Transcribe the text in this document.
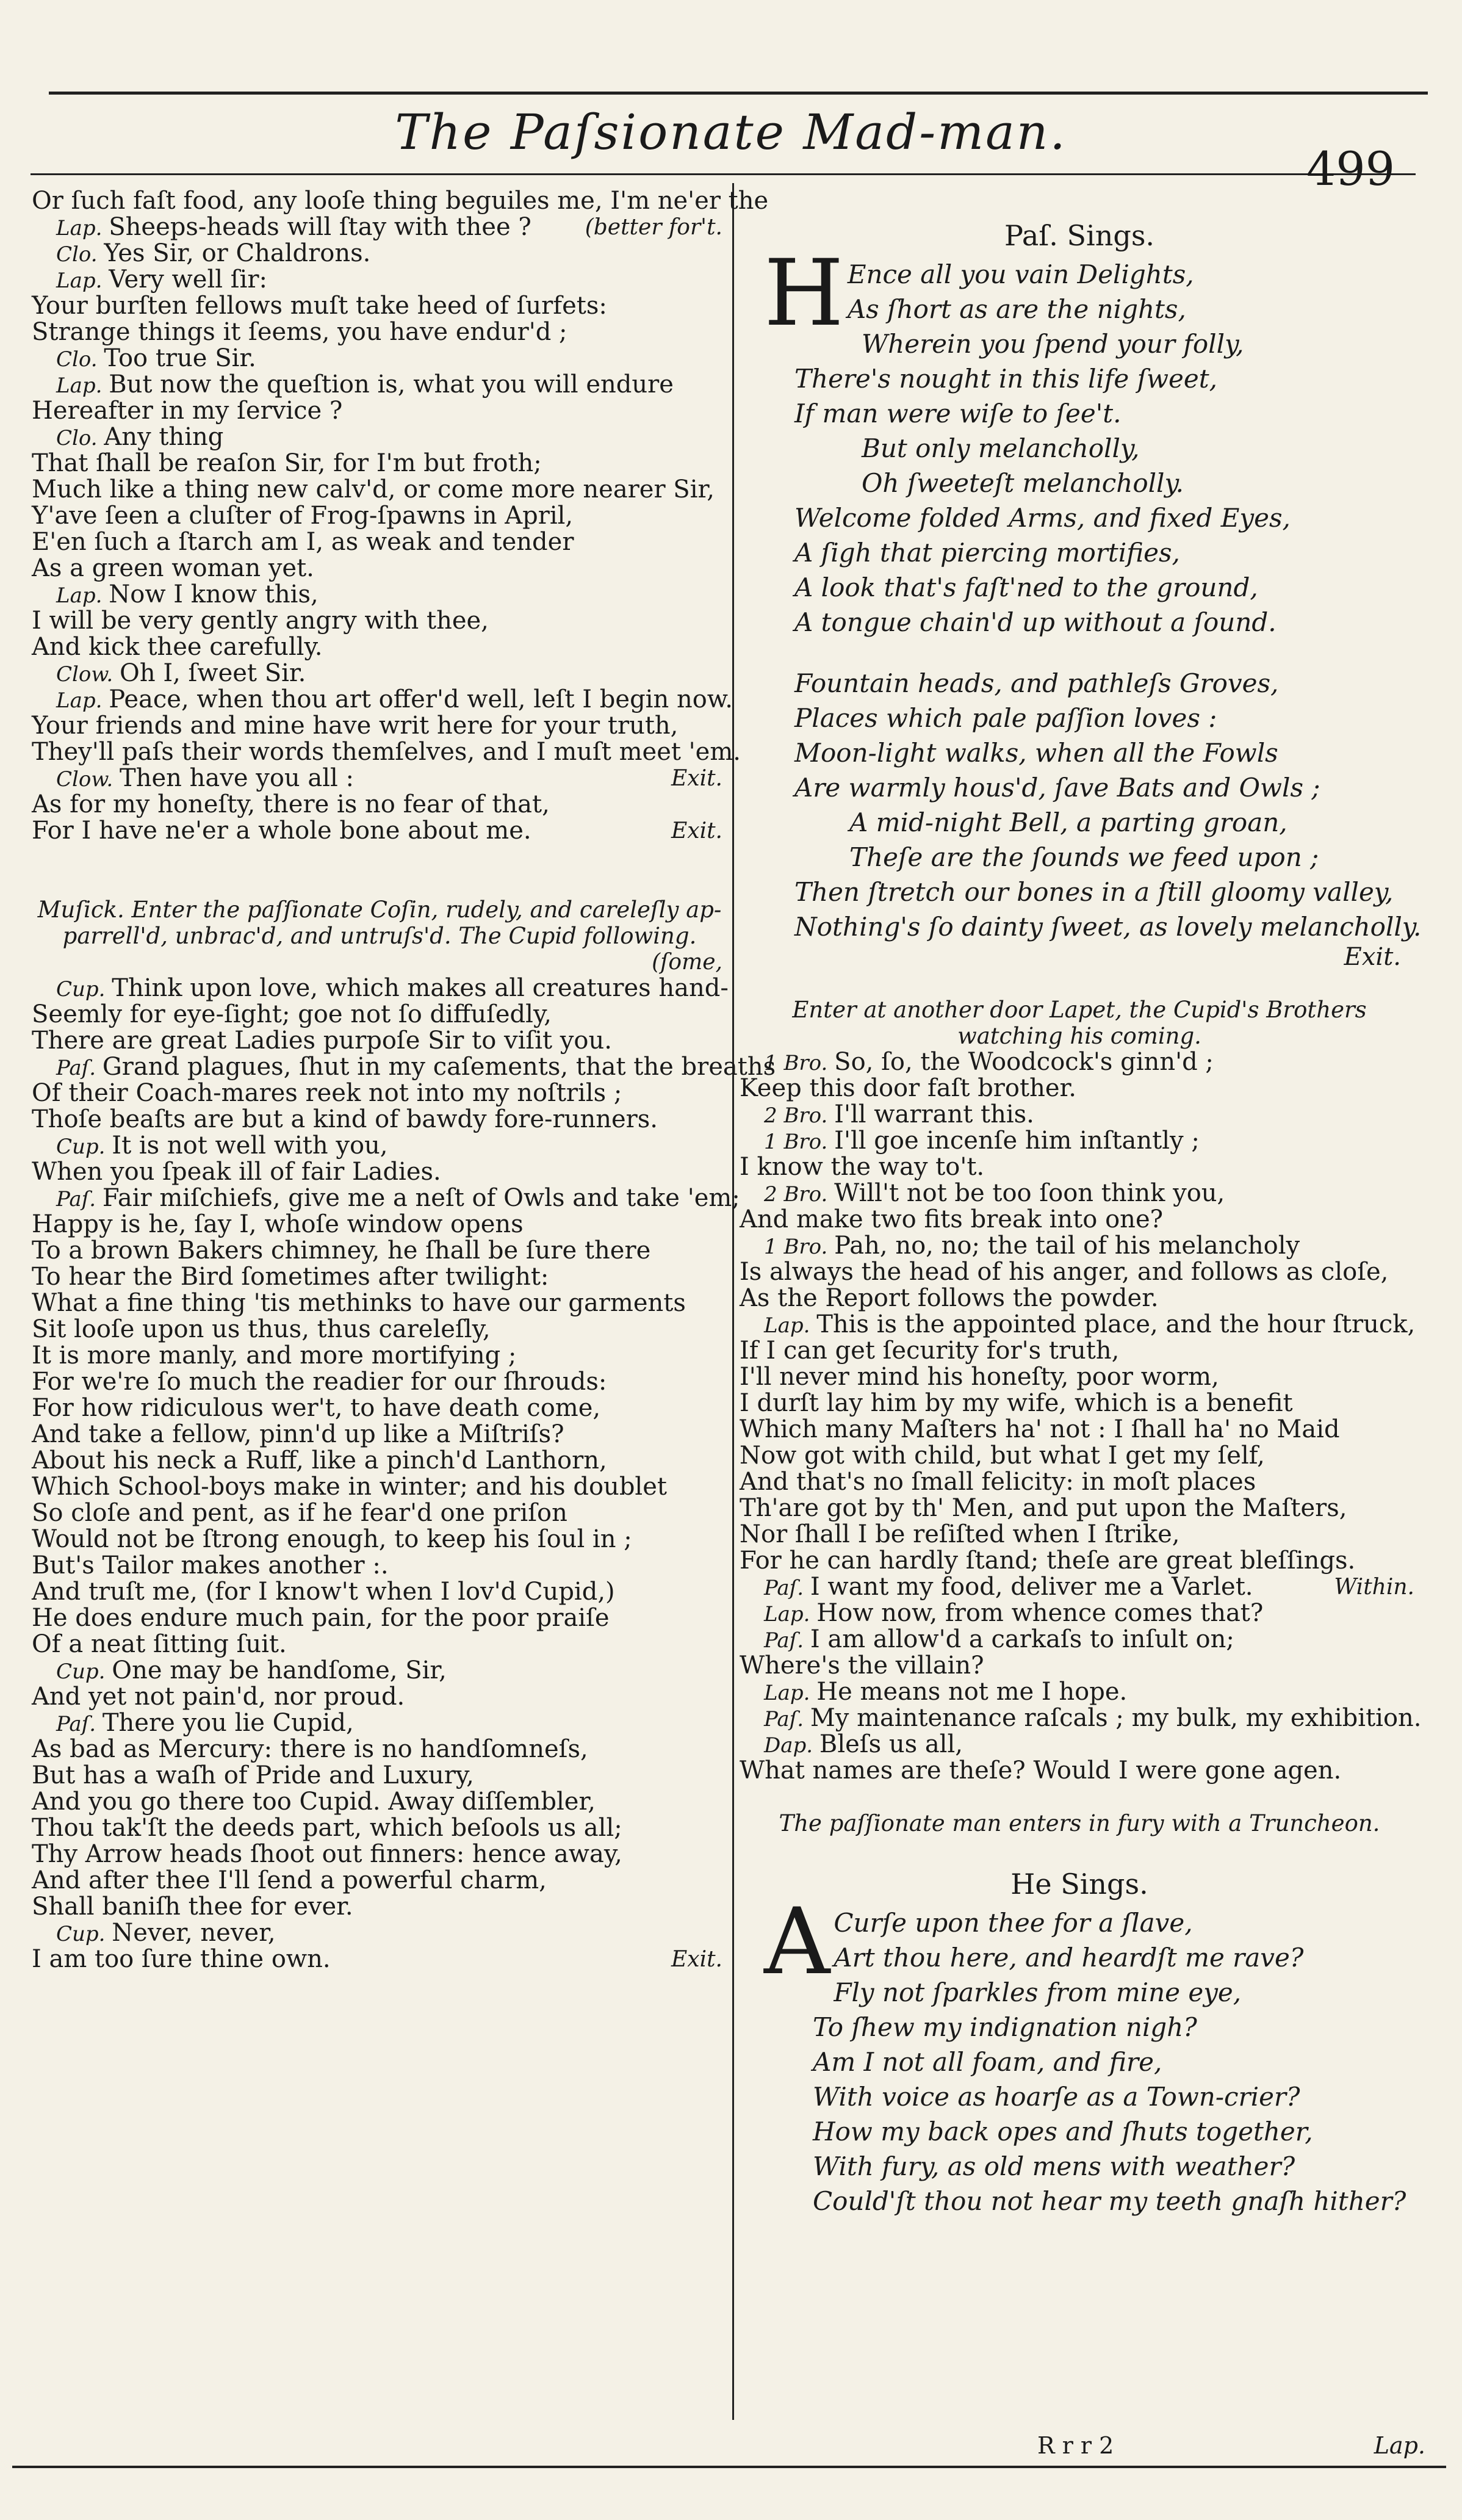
The Paſsionate Mad-man.
499
Or ſuch faſt food, any looſe thing beguiles me, I'm ne'er the
Lap. Sheeps-heads will ſtay with thee ? (better for't.
Clo. Yes Sir, or Chaldrons.
Lap. Very well ſir:
Your burſten fellows muſt take heed of ſurfets:
Strange things it ſeems, you have endur'd ;
Clo. Too true Sir.
Lap. But now the queſtion is, what you will endure
Hereafter in my ſervice ?
Clo. Any thing
That ſhall be reaſon Sir, for I'm but froth;
Much like a thing new calv'd, or come more nearer Sir,
Y'ave ſeen a cluſter of Frog-ſpawns in April,
E'en ſuch a ſtarch am I, as weak and tender
As a green woman yet.
Lap. Now I know this,
I will be very gently angry with thee,
And kick thee carefully.
Clow. Oh I, ſweet Sir.
Lap. Peace, when thou art offer'd well, leſt I begin now.
Your friends and mine have writ here for your truth,
They'll paſs their words themſelves, and I muſt meet 'em.
Clow. Then have you all :	Exit.
As for my honeſty, there is no fear of that,
For I have ne'er a whole bone about me.	Exit.
Muſick. Enter the paſſionate Coſin, rudely, and careleſly ap-
parrell'd, unbrac'd, and untruſs'd. The Cupid following.
(ſome,
Cup. Think upon love, which makes all creatures hand-
Seemly for eye-ſight; goe not ſo diffuſedly,
There are great Ladies purpoſe Sir to viſit you.
Paſ. Grand plagues, ſhut in my caſements, that the breaths
Of their Coach-mares reek not into my noſtrils ;
Thoſe beaſts are but a kind of bawdy fore-runners.
Cup. It is not well with you,
When you ſpeak ill of fair Ladies.
Paſ. Fair miſchiefs, give me a neſt of Owls and take 'em;
Happy is he, ſay I, whoſe window opens
To a brown Bakers chimney, he ſhall be ſure there
To hear the Bird ſometimes after twilight:
What a fine thing 'tis methinks to have our garments
Sit looſe upon us thus, thus careleſly,
It is more manly, and more mortifying ;
For we're ſo much the readier for our ſhrouds:
For how ridiculous wer't, to have death come,
And take a fellow, pinn'd up like a Miſtriſs?
About his neck a Ruff, like a pinch'd Lanthorn,
Which School-boys make in winter; and his doublet
So cloſe and pent, as if he fear'd one priſon
Would not be ſtrong enough, to keep his ſoul in ;
But's Tailor makes another :.
And truſt me, (for I know't when I lov'd Cupid,)
He does endure much pain, for the poor praiſe
Of a neat ſitting ſuit.
Cup. One may be handſome, Sir,
And yet not pain'd, nor proud.
Paſ. There you lie Cupid,
As bad as Mercury: there is no handſomneſs,
But has a waſh of Pride and Luxury,
And you go there too Cupid. Away diſſembler,
Thou tak'ſt the deeds part, which beſools us all;
Thy Arrow heads ſhoot out finners: hence away,
And after thee I'll ſend a powerful charm,
Shall baniſh thee for ever.
Cup. Never, never,
I am too ſure thine own.	Exit.
Paſ. Sings.
H Ence all you vain Delights,
As ſhort as are the nights,
Wherein you ſpend your folly,
There's nought in this life ſweet,
If man were wiſe to ſee't.
But only melancholly,
Oh ſweeteſt melancholly.
Welcome folded Arms, and fixed Eyes,
A ſigh that piercing mortifies,
A look that's faſt'ned to the ground,
A tongue chain'd up without a ſound.
Fountain heads, and pathleſs Groves,
Places which pale paſſion loves :
Moon-light walks, when all the Fowls
Are warmly hous'd, ſave Bats and Owls ;
A mid-night Bell, a parting groan,
Theſe are the ſounds we feed upon ;
Then ſtretch our bones in a ſtill gloomy valley,
Nothing's ſo dainty ſweet, as lovely melancholly.
Exit.
Enter at another door Lapet, the Cupid's Brothers
watching his coming.
1 Bro. So, ſo, the Woodcock's ginn'd ;
Keep this door faſt brother.
2 Bro. I'll warrant this.
1 Bro. I'll goe incenſe him inſtantly ;
I know the way to't.
2 Bro. Will't not be too ſoon think you,
And make two fits break into one?
1 Bro. Pah, no, no; the tail of his melancholy
Is always the head of his anger, and follows as cloſe,
As the Report follows the powder.
Lap. This is the appointed place, and the hour ſtruck,
If I can get ſecurity for's truth,
I'll never mind his honeſty, poor worm,
I durſt lay him by my wife, which is a benefit
Which many Maſters ha' not : I ſhall ha' no Maid
Now got with child, but what I get my ſelf,
And that's no ſmall felicity: in moſt places
Th'are got by th' Men, and put upon the Maſters,
Nor ſhall I be reſiſted when I ſtrike,
For he can hardly ſtand; theſe are great bleſſings.
Paſ. I want my food, deliver me a Varlet.	Within.
Lap. How now, from whence comes that?
Paſ. I am allow'd a carkaſs to inſult on;
Where's the villain?
Lap. He means not me I hope.
Paſ. My maintenance raſcals ; my bulk, my exhibition.
Dap. Bleſs us all,
What names are theſe? Would I were gone agen.
The paſſionate man enters in fury with a Truncheon.
He Sings.
A Curſe upon thee for a ſlave,
Art thou here, and heardſt me rave?
Fly not ſparkles from mine eye,
To ſhew my indignation nigh?
Am I not all foam, and fire,
With voice as hoarſe as a Town-crier?
How my back opes and ſhuts together,
With fury, as old mens with weather?
Could'ſt thou not hear my teeth gnaſh hither?
R r r 2	Lap.
